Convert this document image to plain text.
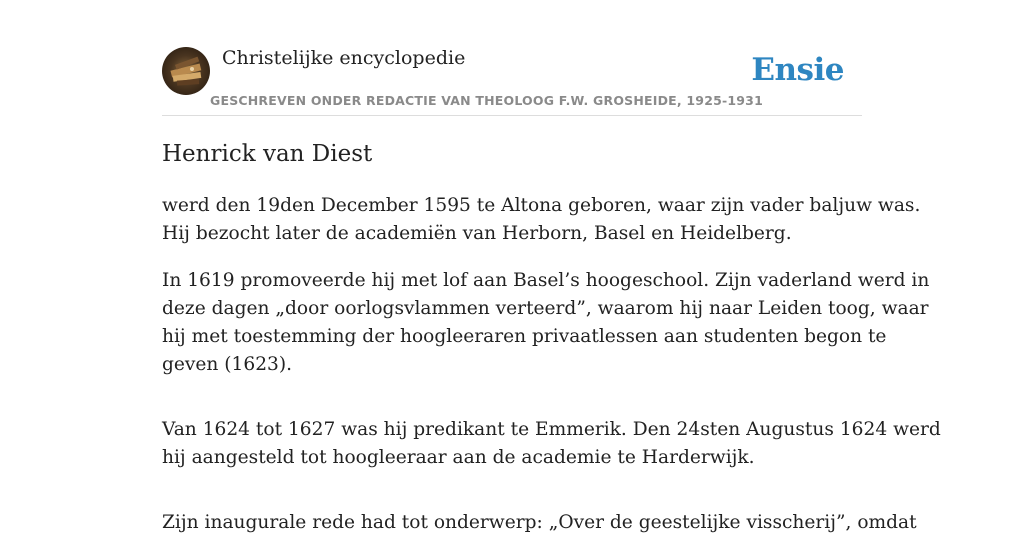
Christelijke encyclopedie
GESCHREVEN ONDER REDACTIE VAN THEOLOOG F.W. GROSHEIDE, 1925-1931
Ensie
Henrick van Diest

werd den 19den December 1595 te Altona geboren, waar zijn vader baljuw was.
Hij bezocht later de academiën van Herborn, Basel en Heidelberg.

In 1619 promoveerde hij met lof aan Basel’s hoogeschool. Zijn vaderland werd in
deze dagen „door oorlogsvlammen verteerd”, waarom hij naar Leiden toog, waar
hij met toestemming der hoogleeraren privaatlessen aan studenten begon te
geven (1623).

Van 1624 tot 1627 was hij predikant te Emmerik. Den 24sten Augustus 1624 werd
hij aangesteld tot hoogleeraar aan de academie te Harderwijk.

Zijn inaugurale rede had tot onderwerp: „Over de geestelijke visscherij”, omdat
